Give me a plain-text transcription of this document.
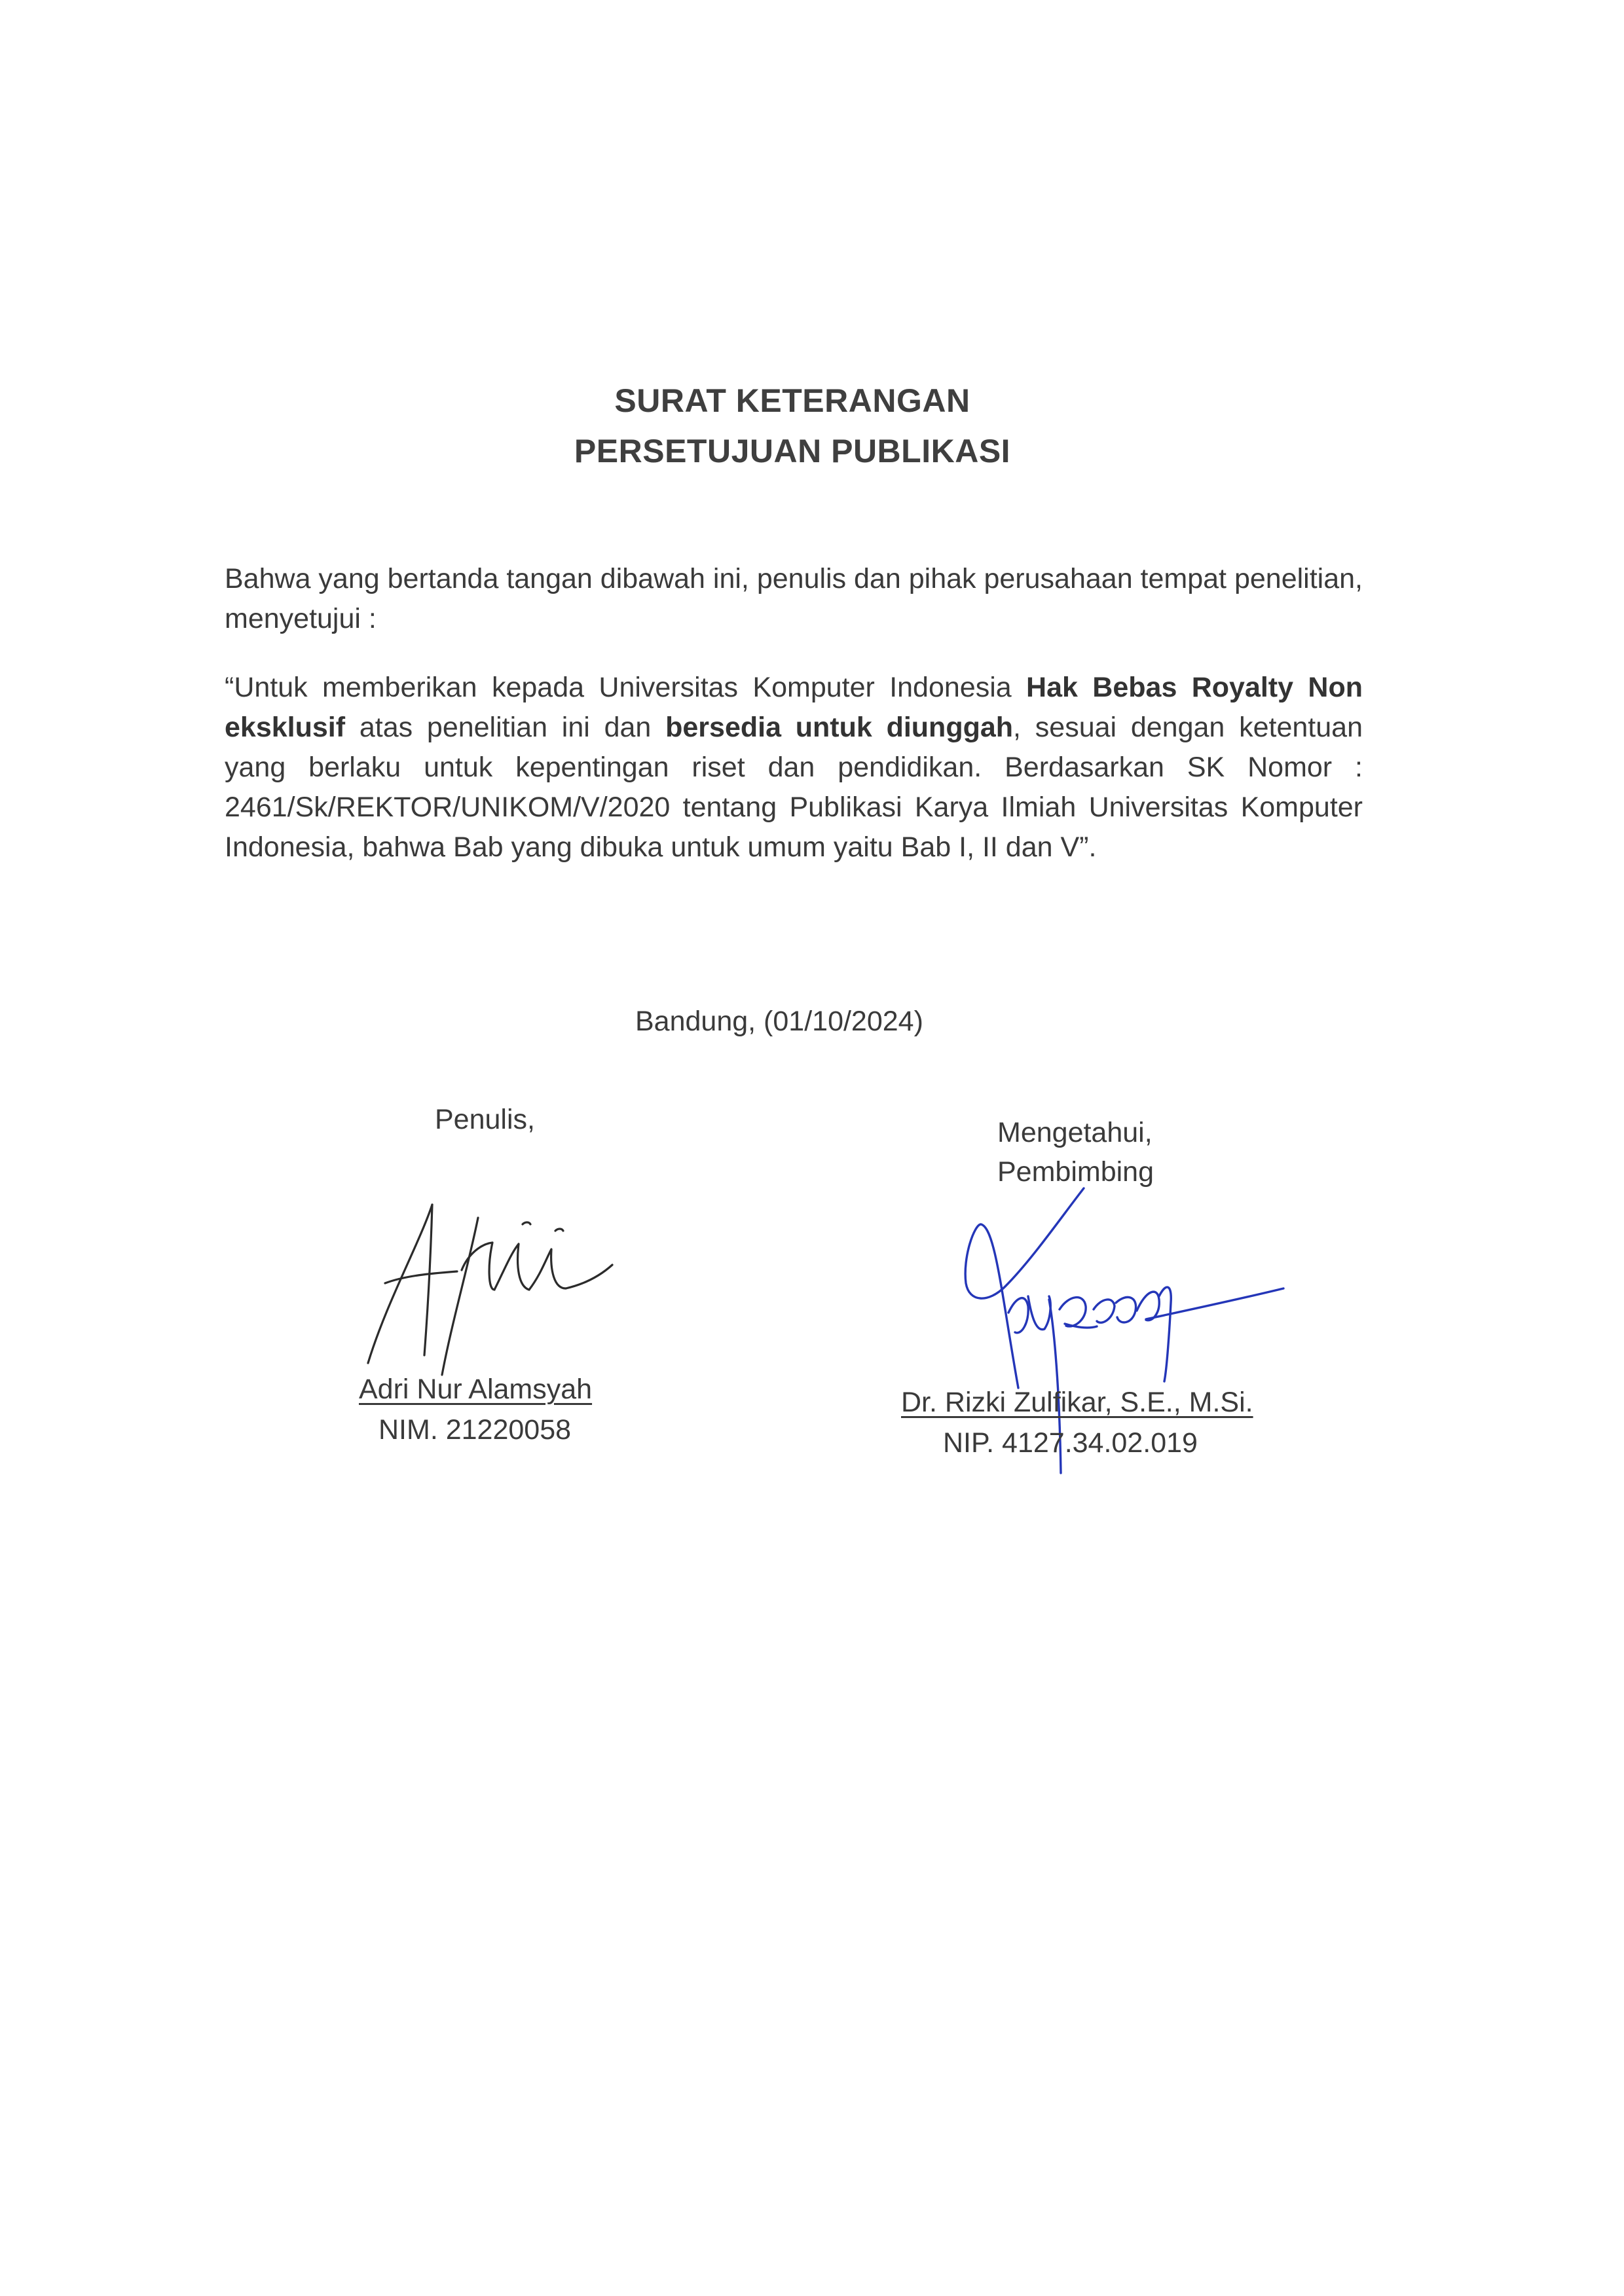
SURAT KETERANGAN
PERSETUJUAN PUBLIKASI
Bahwa yang bertanda tangan dibawah ini, penulis dan pihak perusahaan tempat penelitian, menyetujui :
“Untuk memberikan kepada Universitas Komputer Indonesia Hak Bebas Royalty Non eksklusif atas penelitian ini dan bersedia untuk diunggah, sesuai dengan ketentuan yang berlaku untuk kepentingan riset dan pendidikan. Berdasarkan SK Nomor : 2461/Sk/REKTOR/UNIKOM/V/2020 tentang Publikasi Karya Ilmiah Universitas Komputer Indonesia, bahwa Bab yang dibuka untuk umum yaitu Bab I, II dan V”.
Bandung, (01/10/2024)
Penulis,
Adri Nur Alamsyah
NIM. 21220058
Mengetahui,
Pembimbing
Dr. Rizki Zulfikar, S.E., M.Si.
NIP. 4127.34.02.019
